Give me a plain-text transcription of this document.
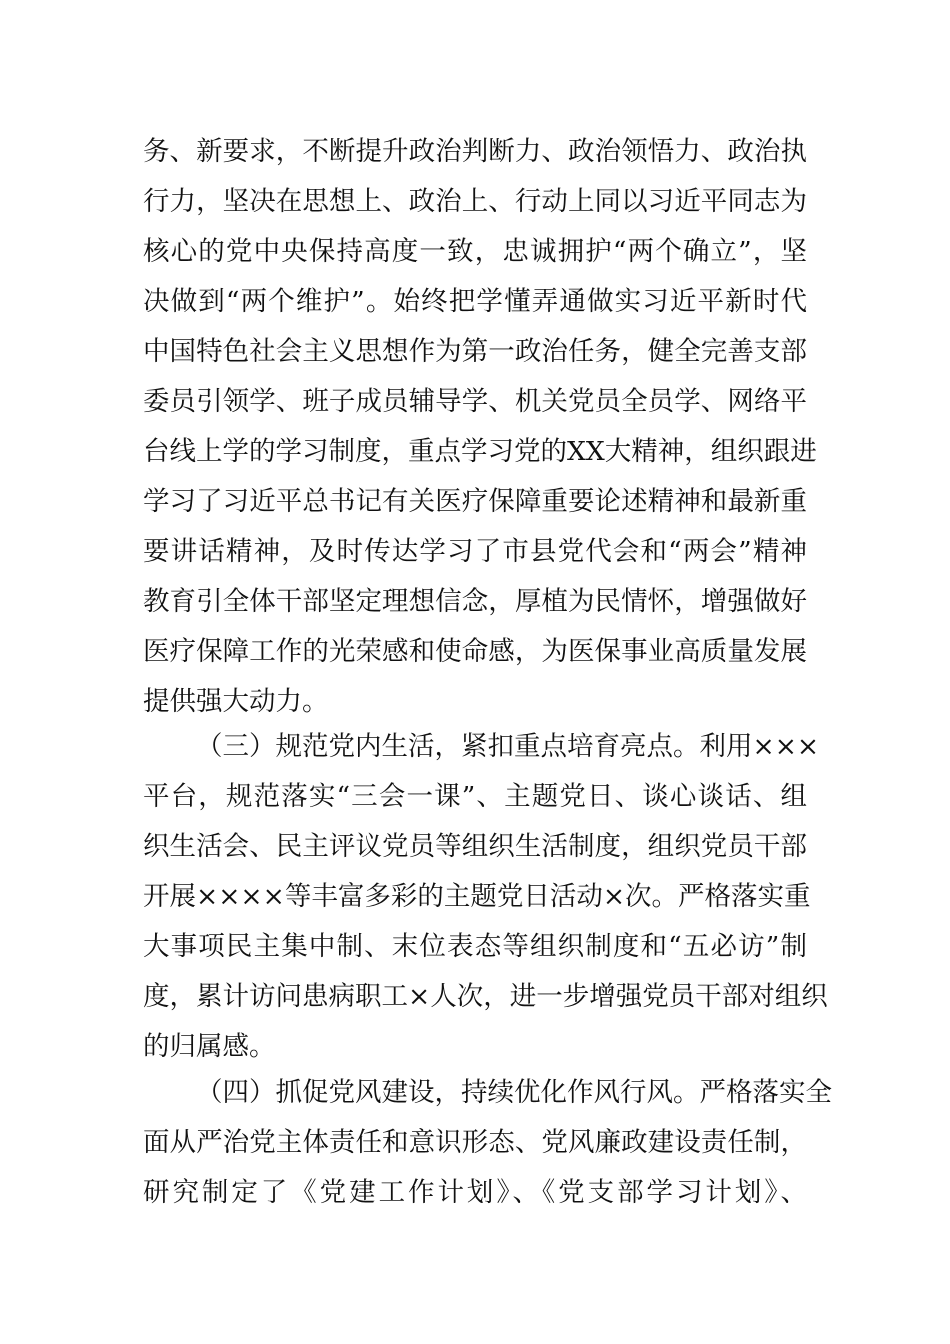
务、新要求，不断提升政治判断力、政治领悟力、政治执
行力，坚决在思想上、政治上、行动上同以习近平同志为
核心的党中央保持高度一致，忠诚拥护“两个确立”，坚
决做到“两个维护”。始终把学懂弄通做实习近平新时代
中国特色社会主义思想作为第一政治任务，健全完善支部
委员引领学、班子成员辅导学、机关党员全员学、网络平
台线上学的学习制度，重点学习党的XX大精神，组织跟进
学习了习近平总书记有关医疗保障重要论述精神和最新重
要讲话精神，及时传达学习了市县党代会和“两会”精神
教育引全体干部坚定理想信念，厚植为民情怀，增强做好
医疗保障工作的光荣感和使命感，为医保事业高质量发展
提供强大动力。
（三）规范党内生活，紧扣重点培育亮点。利用×××
平台，规范落实“三会一课”、主题党日、谈心谈话、组
织生活会、民主评议党员等组织生活制度，组织党员干部
开展××××等丰富多彩的主题党日活动×次。严格落实重
大事项民主集中制、末位表态等组织制度和“五必访”制
度，累计访问患病职工×人次，进一步增强党员干部对组织
的归属感。
（四）抓促党风建设，持续优化作风行风。严格落实全
面从严治党主体责任和意识形态、党风廉政建设责任制，
研究制定了《党建工作计划》、《党支部学习计划》、
